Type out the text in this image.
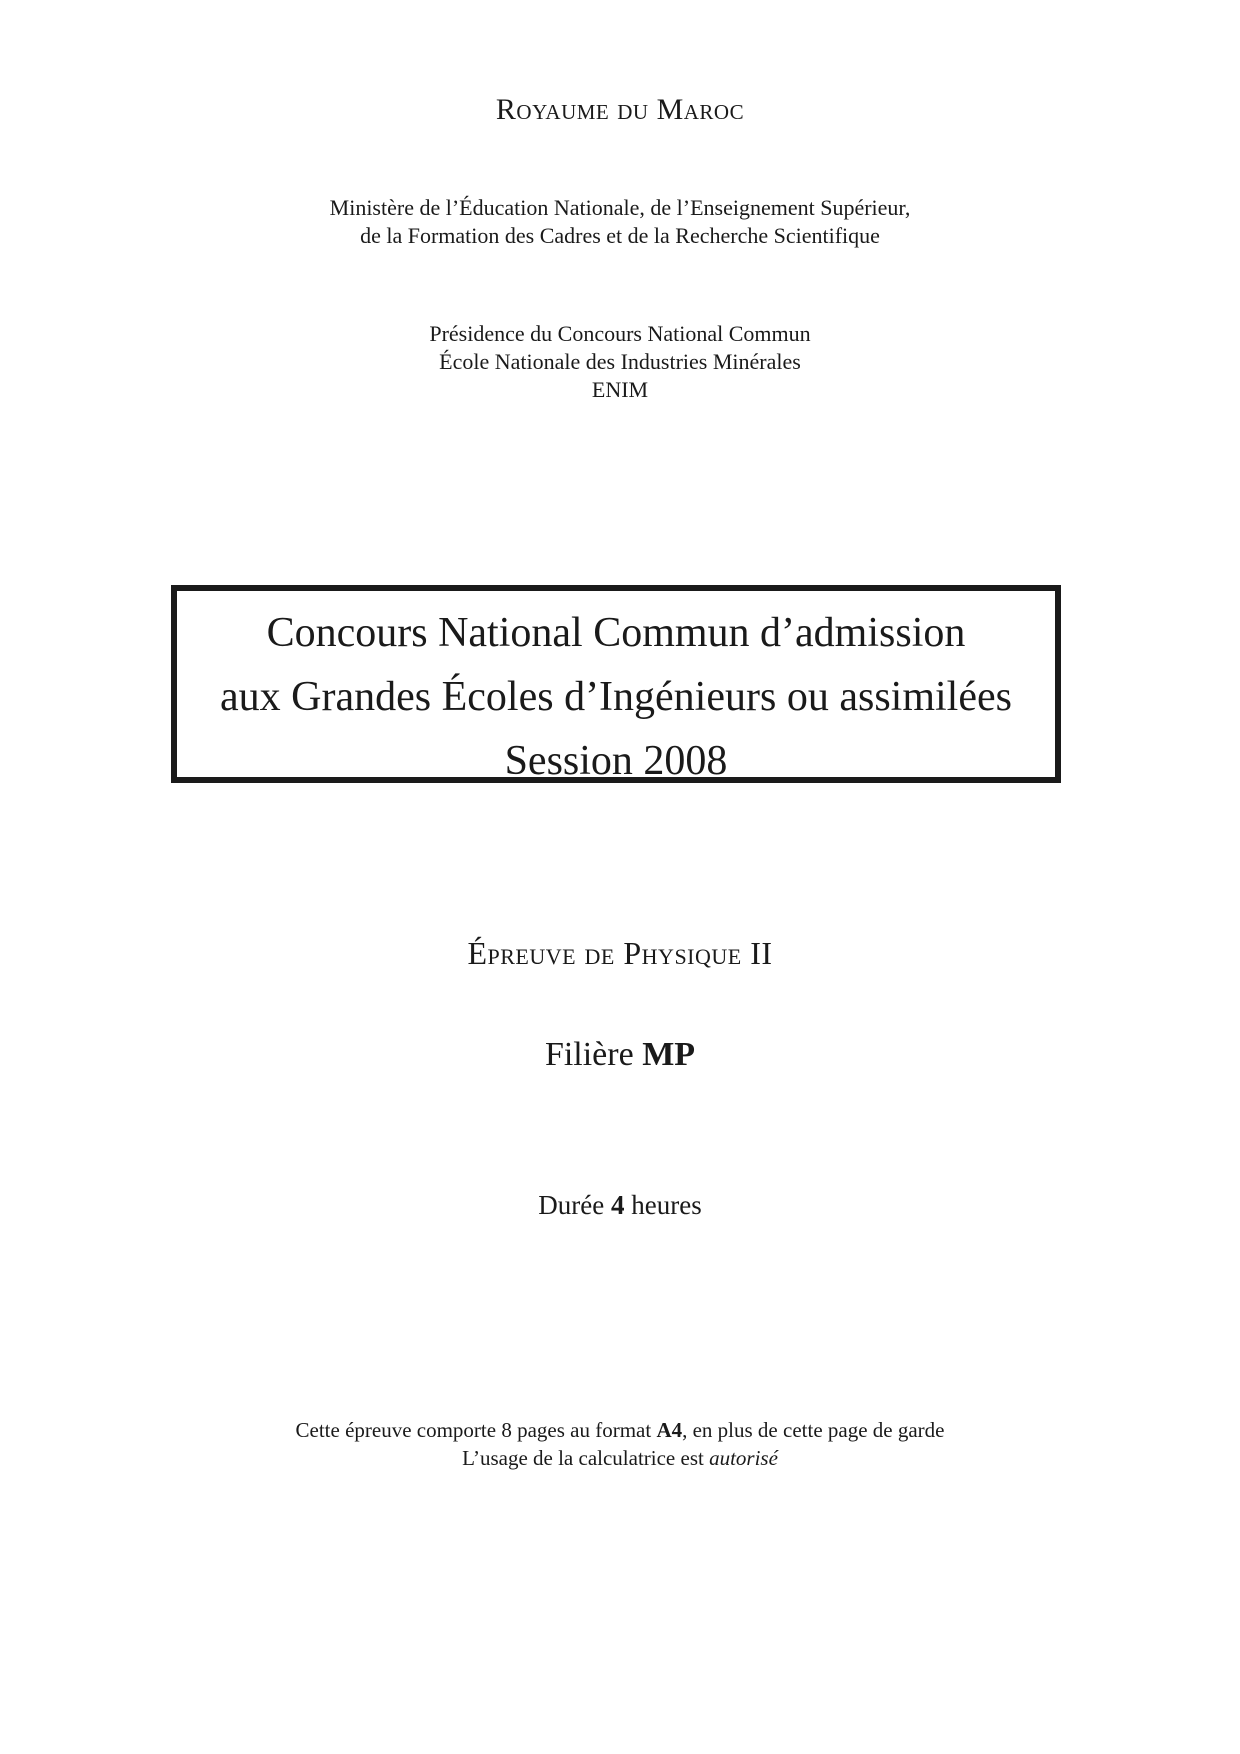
Royaume du Maroc
Ministère de l’Éducation Nationale, de l’Enseignement Supérieur,
de la Formation des Cadres et de la Recherche Scientifique
Présidence du Concours National Commun
École Nationale des Industries Minérales
ENIM
Concours National Commun d’admission
aux Grandes Écoles d’Ingénieurs ou assimilées
Session 2008
Épreuve de Physique II
Filière MP
Durée 4 heures
Cette épreuve comporte 8 pages au format A4, en plus de cette page de garde
L’usage de la calculatrice est autorisé
